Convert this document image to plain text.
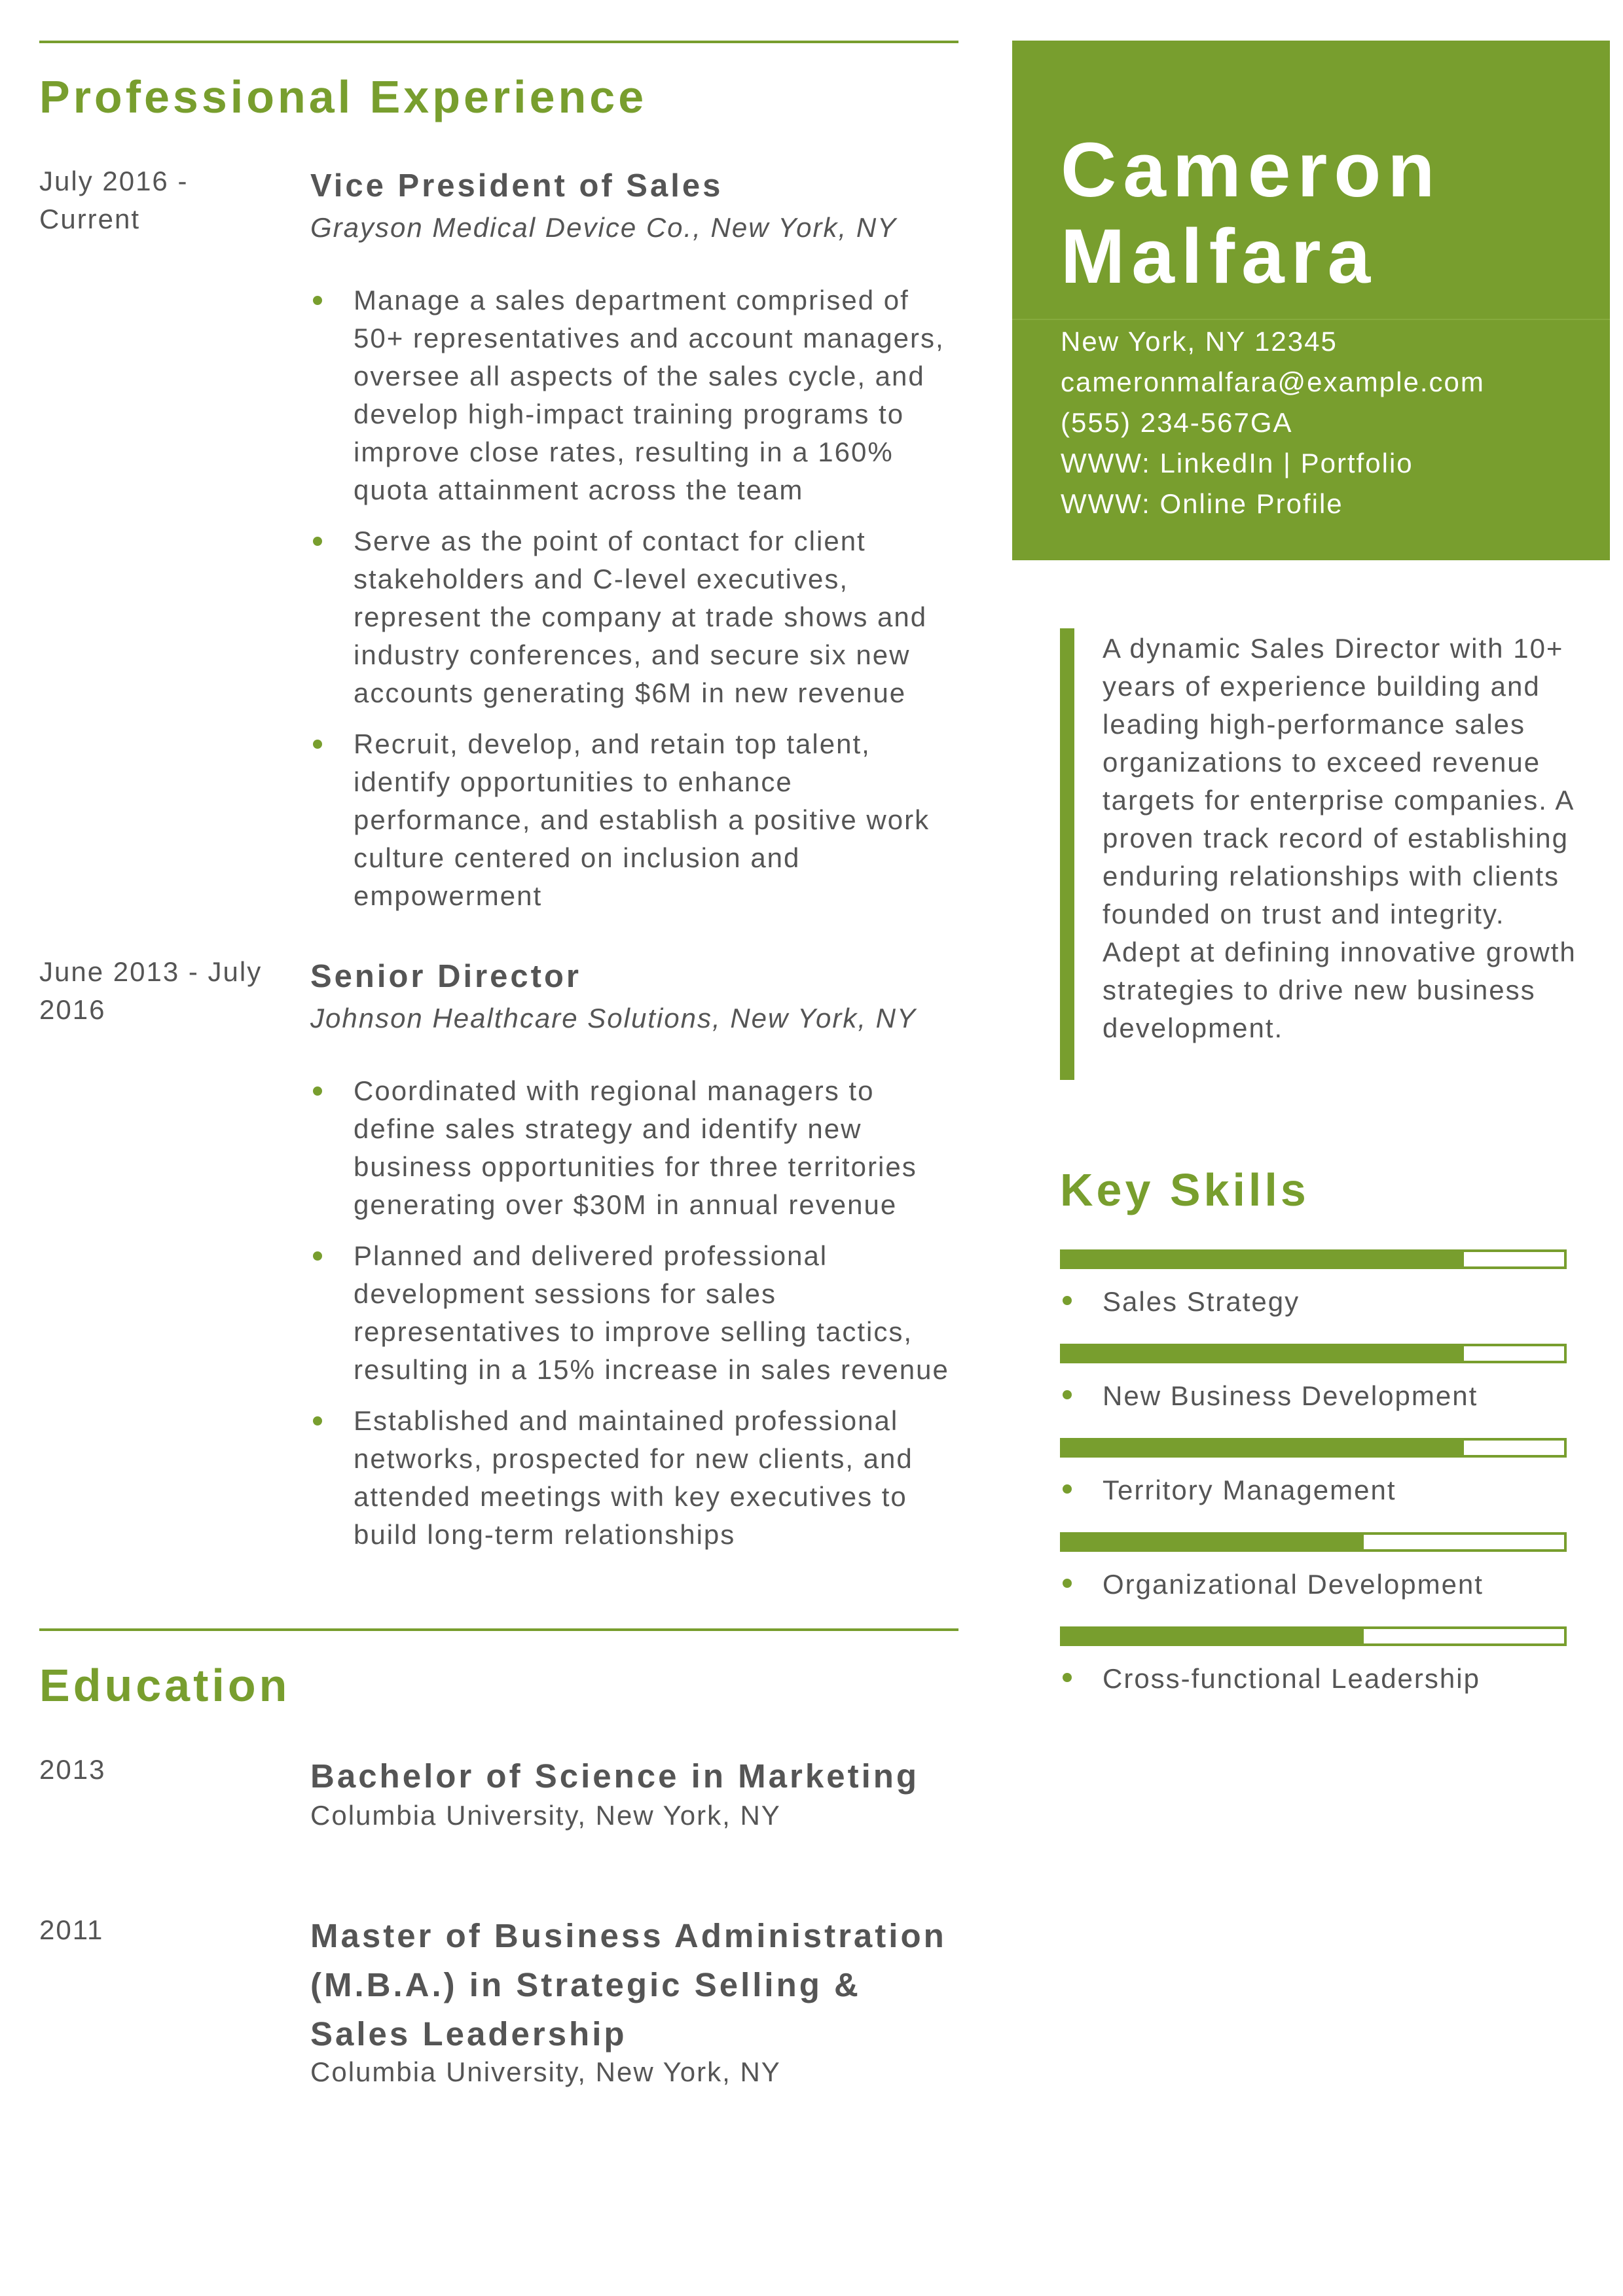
Professional Experience
July 2016 - Current
Vice President of Sales
Grayson Medical Device Co., New York, NY
Manage a sales department comprised of 50+ representatives and account managers, oversee all aspects of the sales cycle, and develop high-impact training programs to improve close rates, resulting in a 160% quota attainment across the team
Serve as the point of contact for client stakeholders and C-level executives, represent the company at trade shows and industry conferences, and secure six new accounts generating $6M in new revenue
Recruit, develop, and retain top talent, identify opportunities to enhance performance, and establish a positive work culture centered on inclusion and empowerment
June 2013 - July 2016
Senior Director
Johnson Healthcare Solutions, New York, NY
Coordinated with regional managers to define sales strategy and identify new business opportunities for three territories generating over $30M in annual revenue
Planned and delivered professional development sessions for sales representatives to improve selling tactics, resulting in a 15% increase in sales revenue
Established and maintained professional networks, prospected for new clients, and attended meetings with key executives to build long-term relationships
Education
2013	Bachelor of Science in Marketing
Columbia University, New York, NY
2011	Master of Business Administration (M.B.A.) in Strategic Selling & Sales Leadership
Columbia University, New York, NY
Cameron
Malfara
New York, NY 12345
cameronmalfara@example.com
(555) 234-567GA
WWW: LinkedIn | Portfolio
WWW: Online Profile
A dynamic Sales Director with 10+ years of experience building and leading high-performance sales organizations to exceed revenue targets for enterprise companies. A proven track record of establishing enduring relationships with clients founded on trust and integrity. Adept at defining innovative growth strategies to drive new business development.
Key Skills
Sales Strategy
New Business Development
Territory Management
Organizational Development
Cross-functional Leadership
